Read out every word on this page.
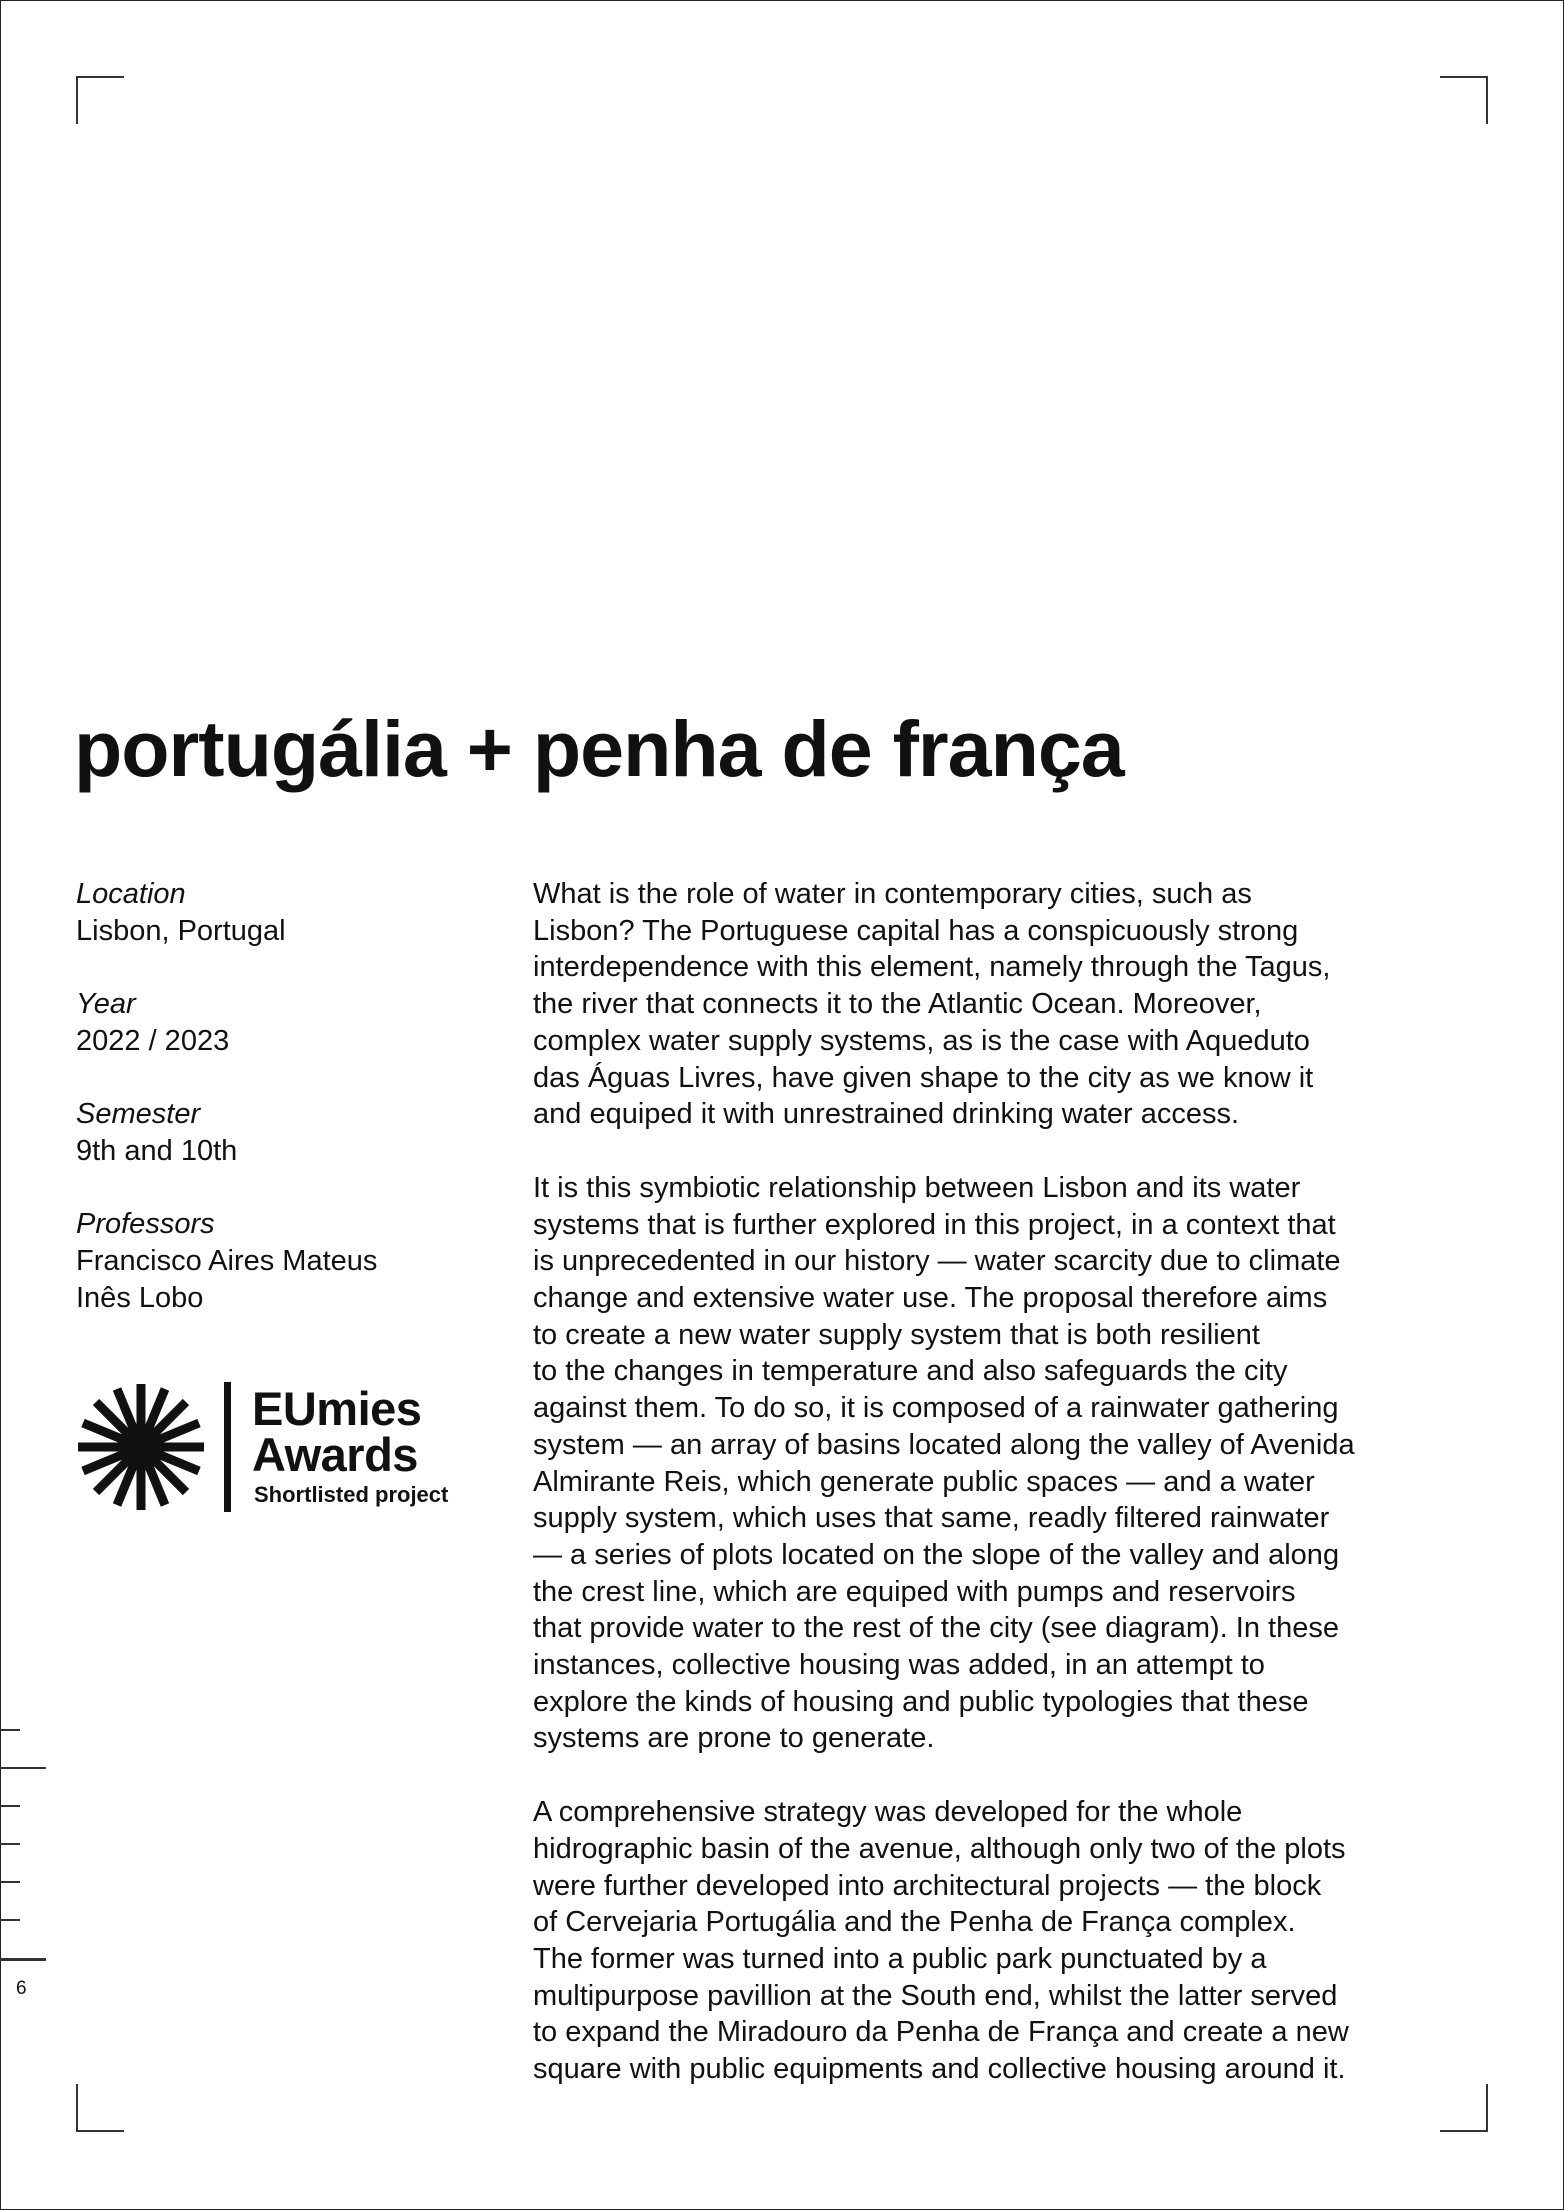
portugália + penha de frança
Location
Lisbon, Portugal
Year
2022 / 2023
Semester
9th and 10th
Professors
Francisco Aires Mateus
Inês Lobo
EUmies
Awards
Shortlisted project

What is the role of water in contemporary cities, such as
Lisbon? The Portuguese capital has a conspicuously strong
interdependence with this element, namely through the Tagus,
the river that connects it to the Atlantic Ocean. Moreover,
complex water supply systems, as is the case with Aqueduto
das Águas Livres, have given shape to the city as we know it
and equiped it with unrestrained drinking water access.

It is this symbiotic relationship between Lisbon and its water
systems that is further explored in this project, in a context that
is unprecedented in our history — water scarcity due to climate
change and extensive water use. The proposal therefore aims
to create a new water supply system that is both resilient
to the changes in temperature and also safeguards the city
against them. To do so, it is composed of a rainwater gathering
system — an array of basins located along the valley of Avenida
Almirante Reis, which generate public spaces — and a water
supply system, which uses that same, readly filtered rainwater
— a series of plots located on the slope of the valley and along
the crest line, which are equiped with pumps and reservoirs
that provide water to the rest of the city (see diagram). In these
instances, collective housing was added, in an attempt to
explore the kinds of housing and public typologies that these
systems are prone to generate.

A comprehensive strategy was developed for the whole
hidrographic basin of the avenue, although only two of the plots
were further developed into architectural projects — the block
of Cervejaria Portugália and the Penha de França complex.
The former was turned into a public park punctuated by a
multipurpose pavillion at the South end, whilst the latter served
to expand the Miradouro da Penha de França and create a new
square with public equipments and collective housing around it.

6
